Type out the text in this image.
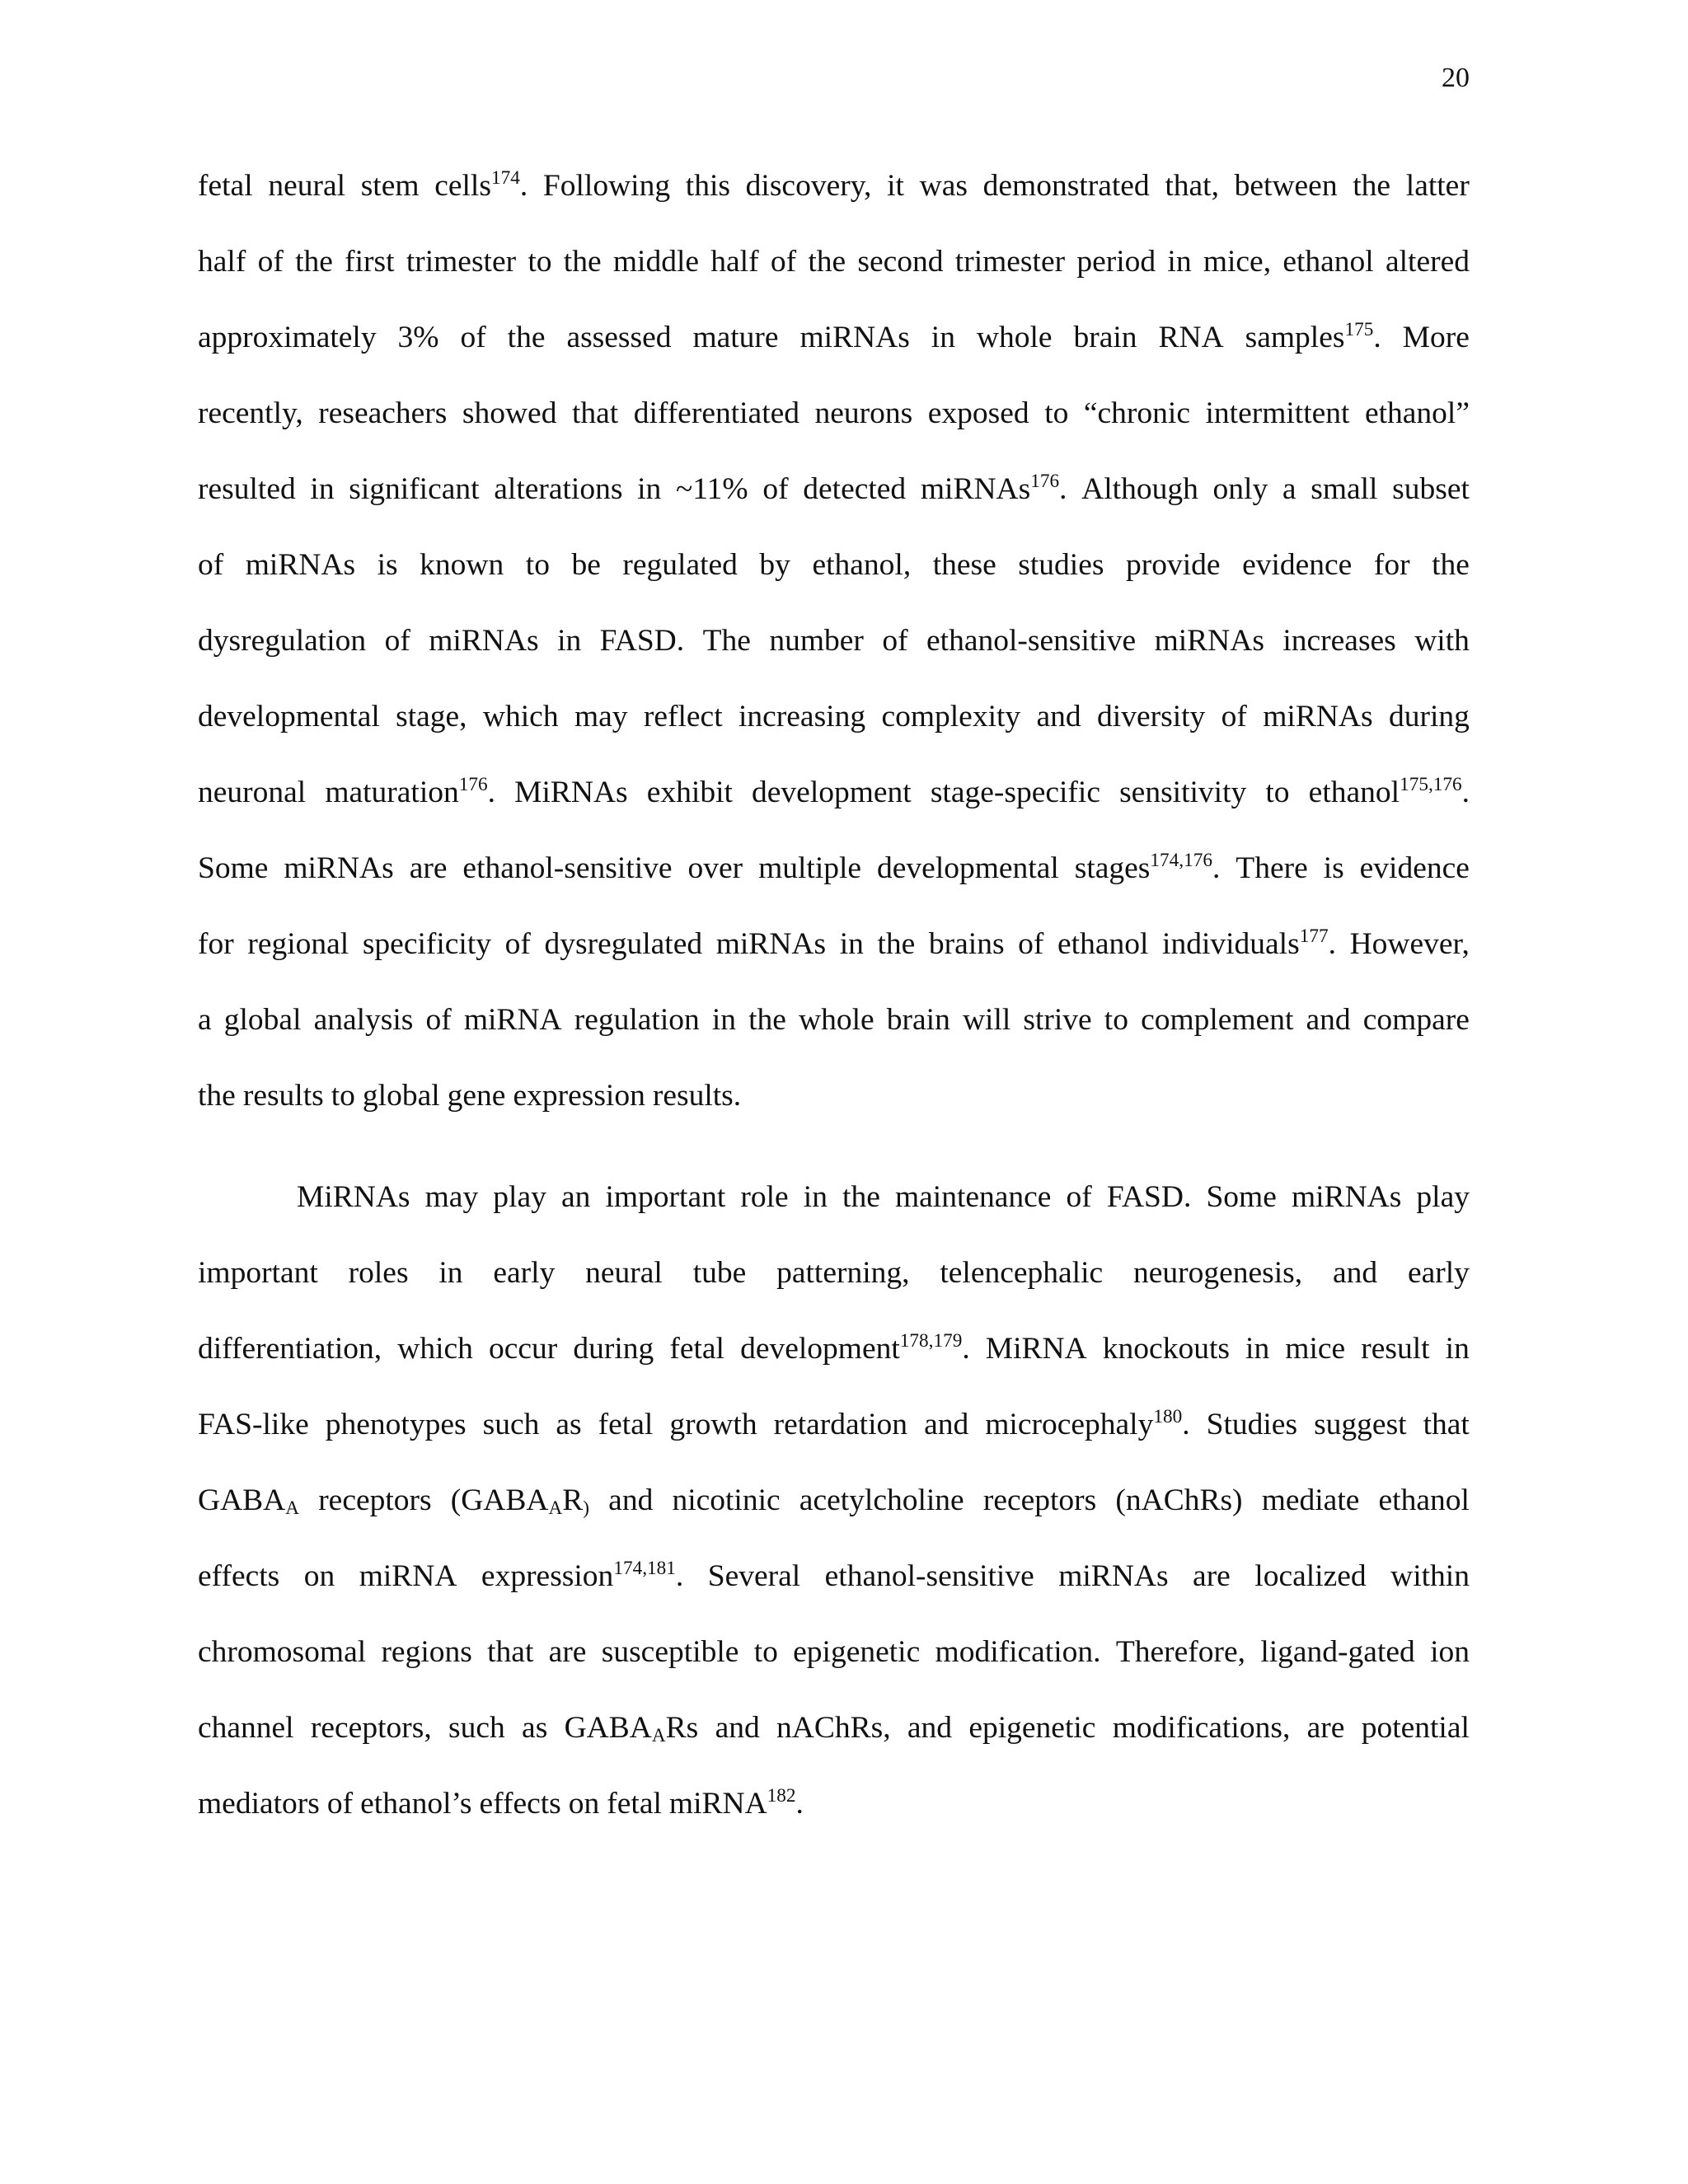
20
fetal neural stem cells$^{174}$. Following this discovery, it was demonstrated that, between the latter
half of the first trimester to the middle half of the second trimester period in mice, ethanol altered
approximately 3% of the assessed mature miRNAs in whole brain RNA samples$^{175}$. More
recently, reseachers showed that differentiated neurons exposed to “chronic intermittent ethanol”
resulted in significant alterations in ~11% of detected miRNAs$^{176}$. Although only a small subset
of miRNAs is known to be regulated by ethanol, these studies provide evidence for the
dysregulation of miRNAs in FASD. The number of ethanol-sensitive miRNAs increases with
developmental stage, which may reflect increasing complexity and diversity of miRNAs during
neuronal maturation$^{176}$. MiRNAs exhibit development stage-specific sensitivity to ethanol$^{175,176}$.
Some miRNAs are ethanol-sensitive over multiple developmental stages$^{174,176}$. There is evidence
for regional specificity of dysregulated miRNAs in the brains of ethanol individuals$^{177}$. However,
a global analysis of miRNA regulation in the whole brain will strive to complement and compare
the results to global gene expression results.
MiRNAs may play an important role in the maintenance of FASD. Some miRNAs play
important roles in early neural tube patterning, telencephalic neurogenesis, and early
differentiation, which occur during fetal development$^{178,179}$. MiRNA knockouts in mice result in
FAS-like phenotypes such as fetal growth retardation and microcephaly$^{180}$. Studies suggest that
$GABA_A$ receptors ($GABA_AR_)$ and nicotinic acetylcholine receptors (nAChRs) mediate ethanol
effects on miRNA expression$^{174,181}$. Several ethanol-sensitive miRNAs are localized within
chromosomal regions that are susceptible to epigenetic modification. Therefore, ligand-gated ion
channel receptors, such as $GABA_ARs$ and nAChRs, and epigenetic modifications, are potential
mediators of ethanol’s effects on fetal miRNA$^{182}$.
